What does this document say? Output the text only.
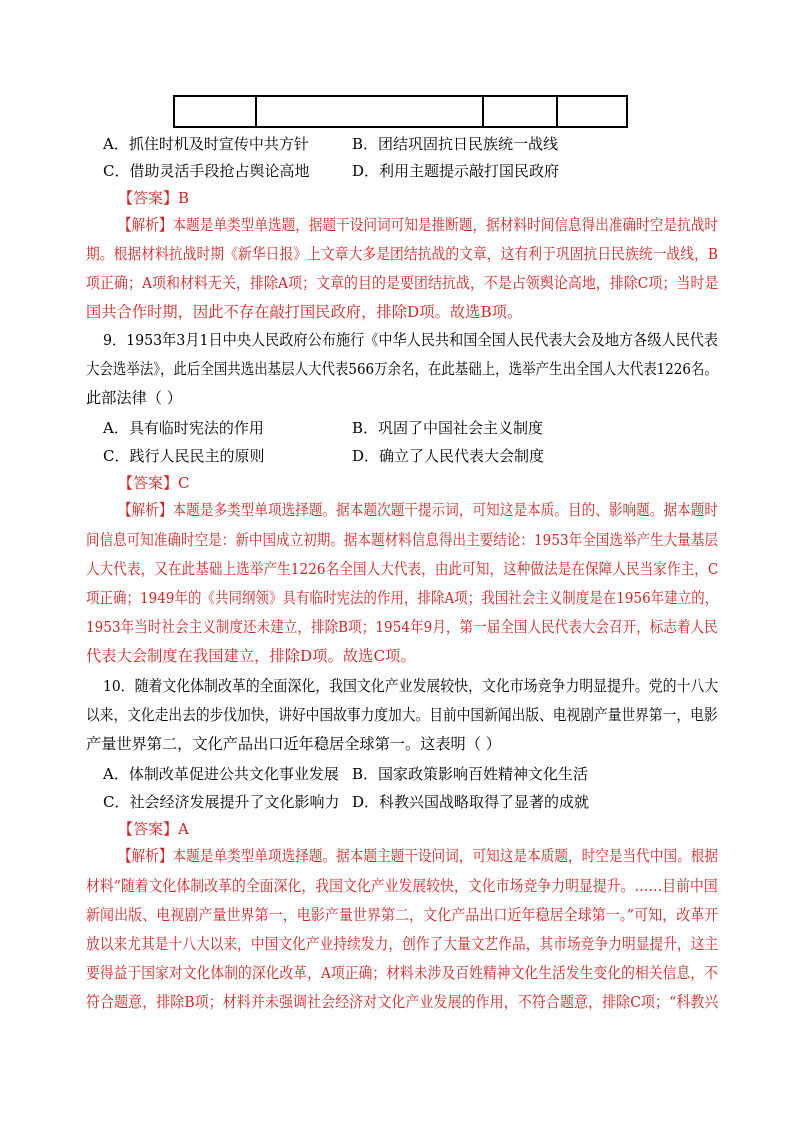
A．抓住时机及时宣传中共方针	B．团结巩固抗日民族统一战线
C．借助灵活手段抢占舆论高地	D．利用主题提示敲打国民政府
【答案】B
【解析】本题是单类型单选题，据题干设问词可知是推断题，据材料时间信息得出准确时空是抗战时
期。根据材料抗战时期《新华日报》上文章大多是团结抗战的文章，这有利于巩固抗日民族统一战线，B
项正确；A项和材料无关，排除A项；文章的目的是要团结抗战，不是占领舆论高地，排除C项；当时是
国共合作时期，因此不存在敲打国民政府，排除D项。故选B项。
9．1953年3月1日中央人民政府公布施行《中华人民共和国全国人民代表大会及地方各级人民代表
大会选举法》，此后全国共选出基层人大代表566万余名，在此基础上，选举产生出全国人大代表1226名。
此部法律（ ）
A．具有临时宪法的作用	B．巩固了中国社会主义制度
C．践行人民民主的原则	D．确立了人民代表大会制度
【答案】C
【解析】本题是多类型单项选择题。据本题次题干提示词，可知这是本质。目的、影响题。据本题时
间信息可知准确时空是：新中国成立初期。据本题材料信息得出主要结论：1953年全国选举产生大量基层
人大代表，又在此基础上选举产生1226名全国人大代表，由此可知，这种做法是在保障人民当家作主，C
项正确；1949年的《共同纲领》具有临时宪法的作用，排除A项；我国社会主义制度是在1956年建立的，
1953年当时社会主义制度还未建立，排除B项；1954年9月，第一届全国人民代表大会召开，标志着人民
代表大会制度在我国建立，排除D项。故选C项。
10．随着文化体制改革的全面深化，我国文化产业发展较快，文化市场竞争力明显提升。党的十八大
以来，文化走出去的步伐加快，讲好中国故事力度加大。目前中国新闻出版、电视剧产量世界第一，电影
产量世界第二，文化产品出口近年稳居全球第一。这表明（ ）
A．体制改革促进公共文化事业发展 B．国家政策影响百姓精神文化生活
C．社会经济发展提升了文化影响力 D．科教兴国战略取得了显著的成就
【答案】A
【解析】本题是单类型单项选择题。据本题主题干设问词，可知这是本质题，时空是当代中国。根据
材料“随着文化体制改革的全面深化，我国文化产业发展较快，文化市场竞争力明显提升。……目前中国
新闻出版、电视剧产量世界第一，电影产量世界第二，文化产品出口近年稳居全球第一。”可知，改革开
放以来尤其是十八大以来，中国文化产业持续发力，创作了大量文艺作品，其市场竞争力明显提升，这主
要得益于国家对文化体制的深化改革，A项正确；材料未涉及百姓精神文化生活发生变化的相关信息，不
符合题意，排除B项；材料并未强调社会经济对文化产业发展的作用，不符合题意，排除C项；“科教兴
